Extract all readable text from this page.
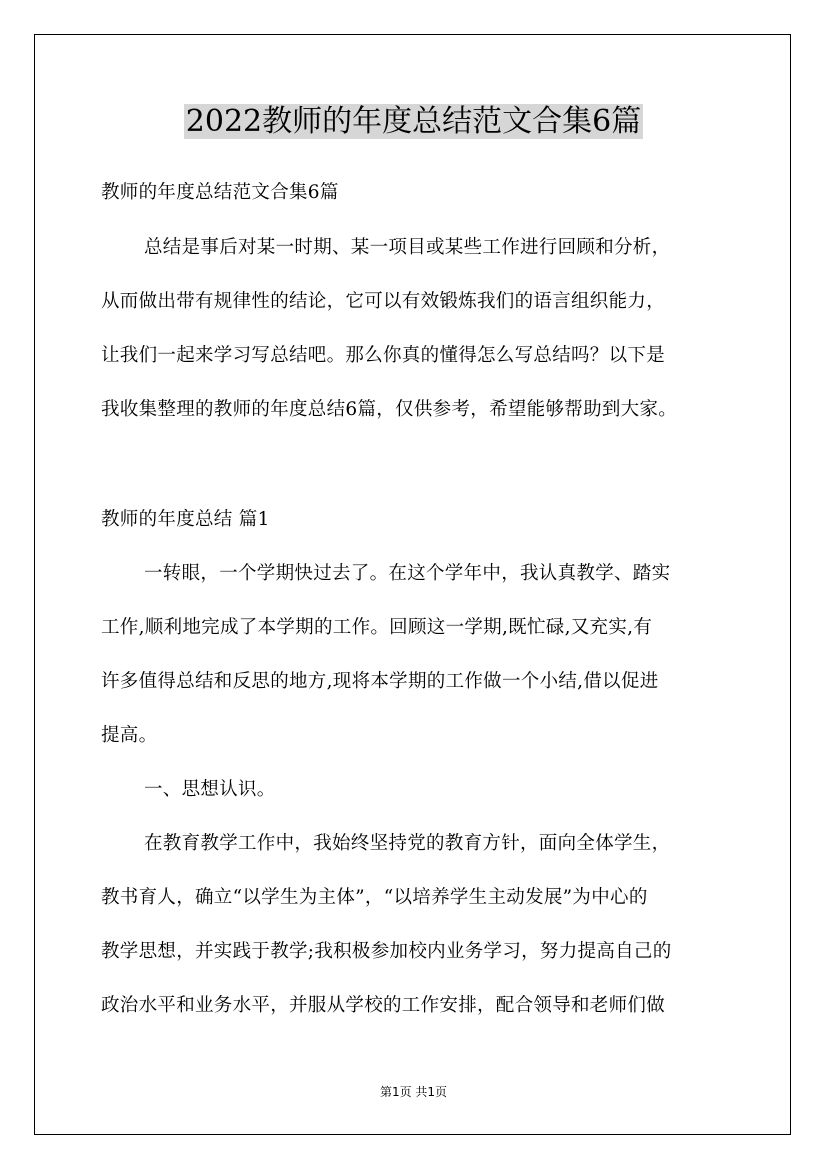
2022教师的年度总结范文合集6篇
教师的年度总结范文合集6篇
总结是事后对某一时期、某一项目或某些工作进行回顾和分析，
从而做出带有规律性的结论，它可以有效锻炼我们的语言组织能力，
让我们一起来学习写总结吧。那么你真的懂得怎么写总结吗？以下是
我收集整理的教师的年度总结6篇，仅供参考，希望能够帮助到大家。
教师的年度总结 篇1
一转眼，一个学期快过去了。在这个学年中，我认真教学、踏实
工作,顺利地完成了本学期的工作。回顾这一学期,既忙碌,又充实,有
许多值得总结和反思的地方,现将本学期的工作做一个小结,借以促进
提高。
一、思想认识。
在教育教学工作中，我始终坚持党的教育方针，面向全体学生，
教书育人，确立“以学生为主体”，“以培养学生主动发展”为中心的
教学思想，并实践于教学;我积极参加校内业务学习，努力提高自己的
政治水平和业务水平，并服从学校的工作安排，配合领导和老师们做
第1页 共1页
